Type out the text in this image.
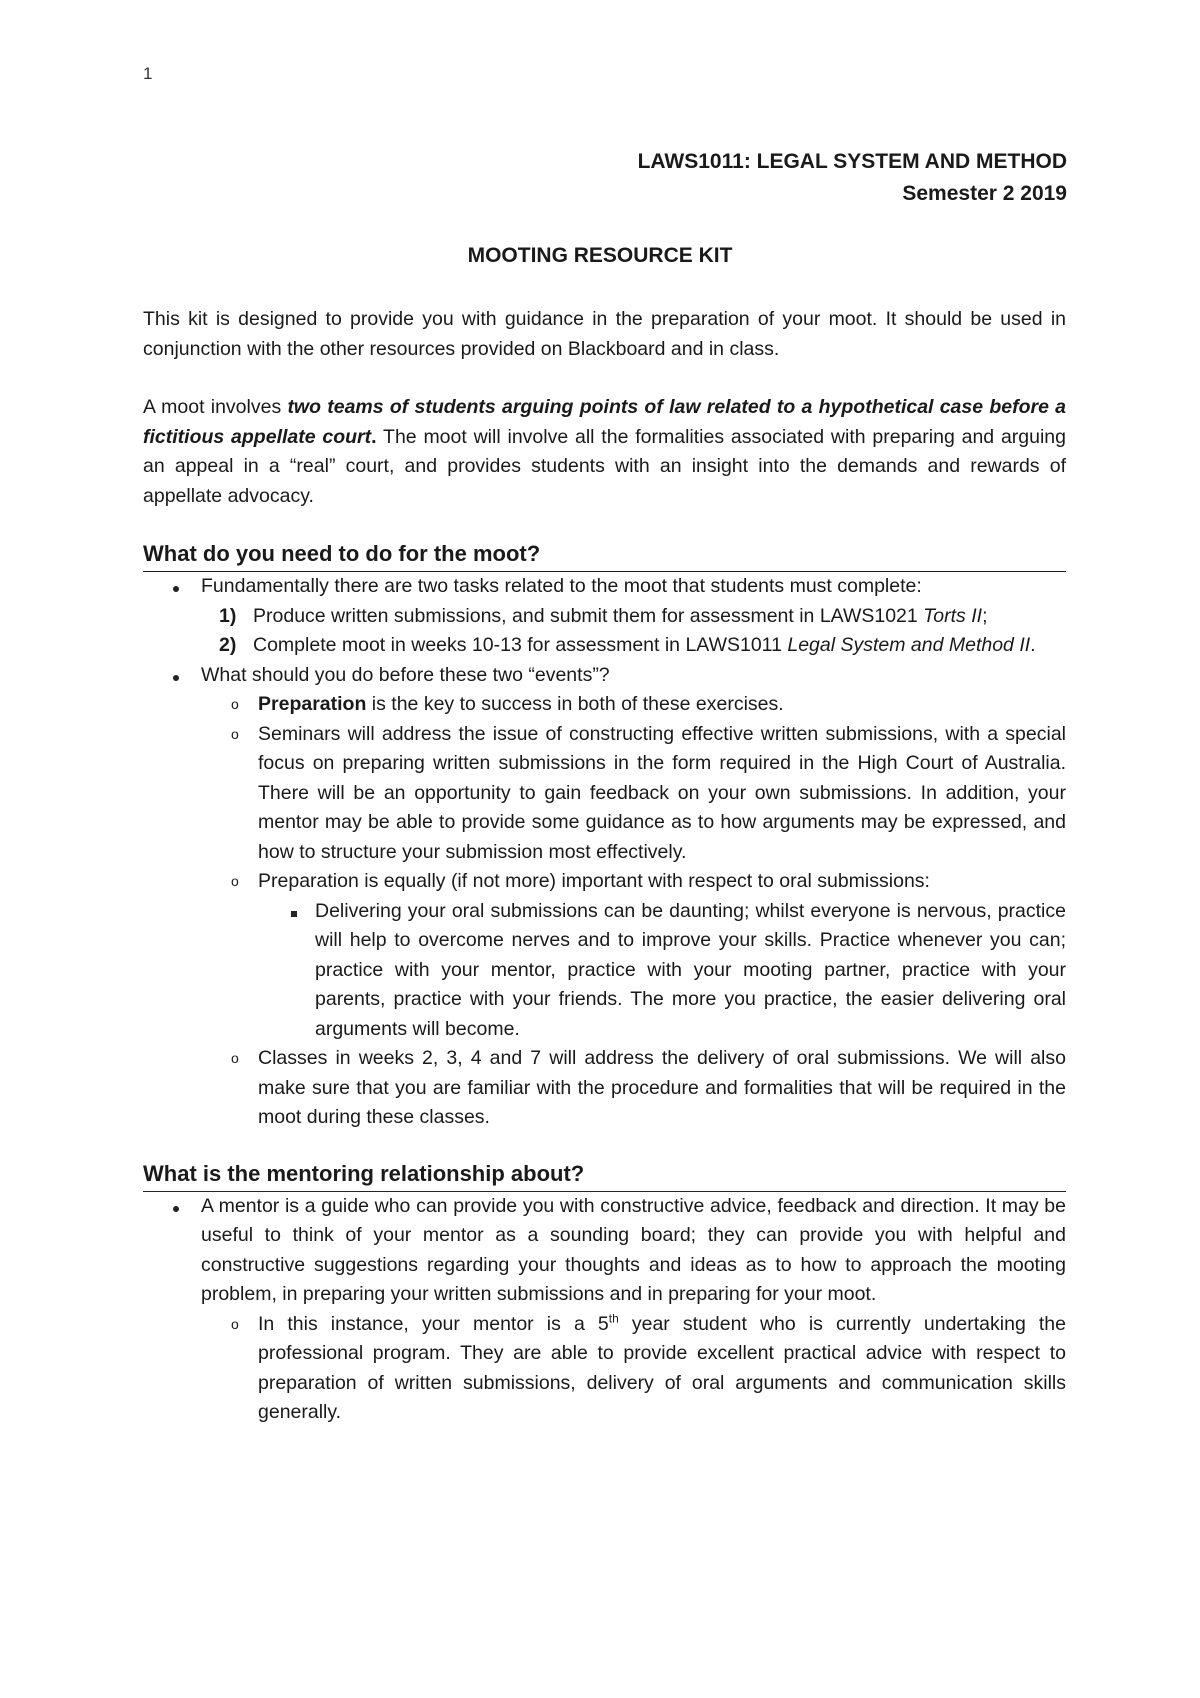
1
LAWS1011: LEGAL SYSTEM AND METHOD
Semester 2 2019
MOOTING RESOURCE KIT

This kit is designed to provide you with guidance in the preparation of your moot. It should be used in conjunction with the other resources provided on Blackboard and in class.

A moot involves two teams of students arguing points of law related to a hypothetical case before a fictitious appellate court. The moot will involve all the formalities associated with preparing and arguing an appeal in a “real” court, and provides students with an insight into the demands and rewards of appellate advocacy.

What do you need to do for the moot?
Fundamentally there are two tasks related to the moot that students must complete:
1) Produce written submissions, and submit them for assessment in LAWS1021 Torts II;
2) Complete moot in weeks 10-13 for assessment in LAWS1011 Legal System and Method II.
What should you do before these two “events”?
o Preparation is the key to success in both of these exercises.
o Seminars will address the issue of constructing effective written submissions, with a special focus on preparing written submissions in the form required in the High Court of Australia. There will be an opportunity to gain feedback on your own submissions. In addition, your mentor may be able to provide some guidance as to how arguments may be expressed, and how to structure your submission most effectively.
o Preparation is equally (if not more) important with respect to oral submissions:
Delivering your oral submissions can be daunting; whilst everyone is nervous, practice will help to overcome nerves and to improve your skills. Practice whenever you can; practice with your mentor, practice with your mooting partner, practice with your parents, practice with your friends. The more you practice, the easier delivering oral arguments will become.
o Classes in weeks 2, 3, 4 and 7 will address the delivery of oral submissions. We will also make sure that you are familiar with the procedure and formalities that will be required in the moot during these classes.
What is the mentoring relationship about?
A mentor is a guide who can provide you with constructive advice, feedback and direction. It may be useful to think of your mentor as a sounding board; they can provide you with helpful and constructive suggestions regarding your thoughts and ideas as to how to approach the mooting problem, in preparing your written submissions and in preparing for your moot.
o In this instance, your mentor is a 5th year student who is currently undertaking the professional program. They are able to provide excellent practical advice with respect to preparation of written submissions, delivery of oral arguments and communication skills generally.
